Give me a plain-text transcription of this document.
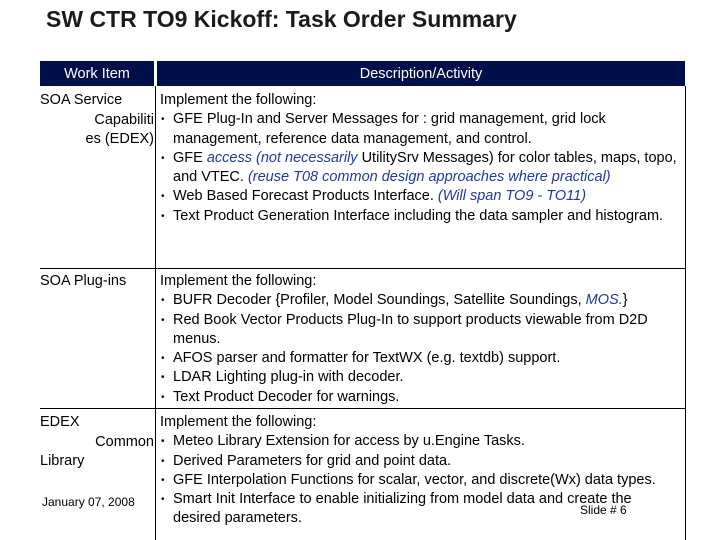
SW CTR TO9 Kickoff: Task Order Summary
Work Item	Description/Activity
SOA Service
Capabiliti
es (EDEX)
Implement the following:
• GFE Plug-In and Server Messages for : grid management, grid lock management, reference data management, and control.
• GFE access (not necessarily UtilitySrv Messages) for color tables, maps, topo, and VTEC. (reuse T08 common design approaches where practical)
• Web Based Forecast Products Interface. (Will span TO9 - TO11)
• Text Product Generation Interface including the data sampler and histogram.
SOA Plug-ins	Implement the following:
• BUFR Decoder {Profiler, Model Soundings, Satellite Soundings, MOS.}
• Red Book Vector Products Plug-In to support products viewable from D2D menus.
• AFOS parser and formatter for TextWX (e.g. textdb) support.
• LDAR Lighting plug-in with decoder.
• Text Product Decoder for warnings.
EDEX
Common
Library
Implement the following:
• Meteo Library Extension for access by u.Engine Tasks.
• Derived Parameters for grid and point data.
• GFE Interpolation Functions for scalar, vector, and discrete(Wx) data types.
• Smart Init Interface to enable initializing from model data and create the desired parameters.
January 07, 2008
Slide # 6
